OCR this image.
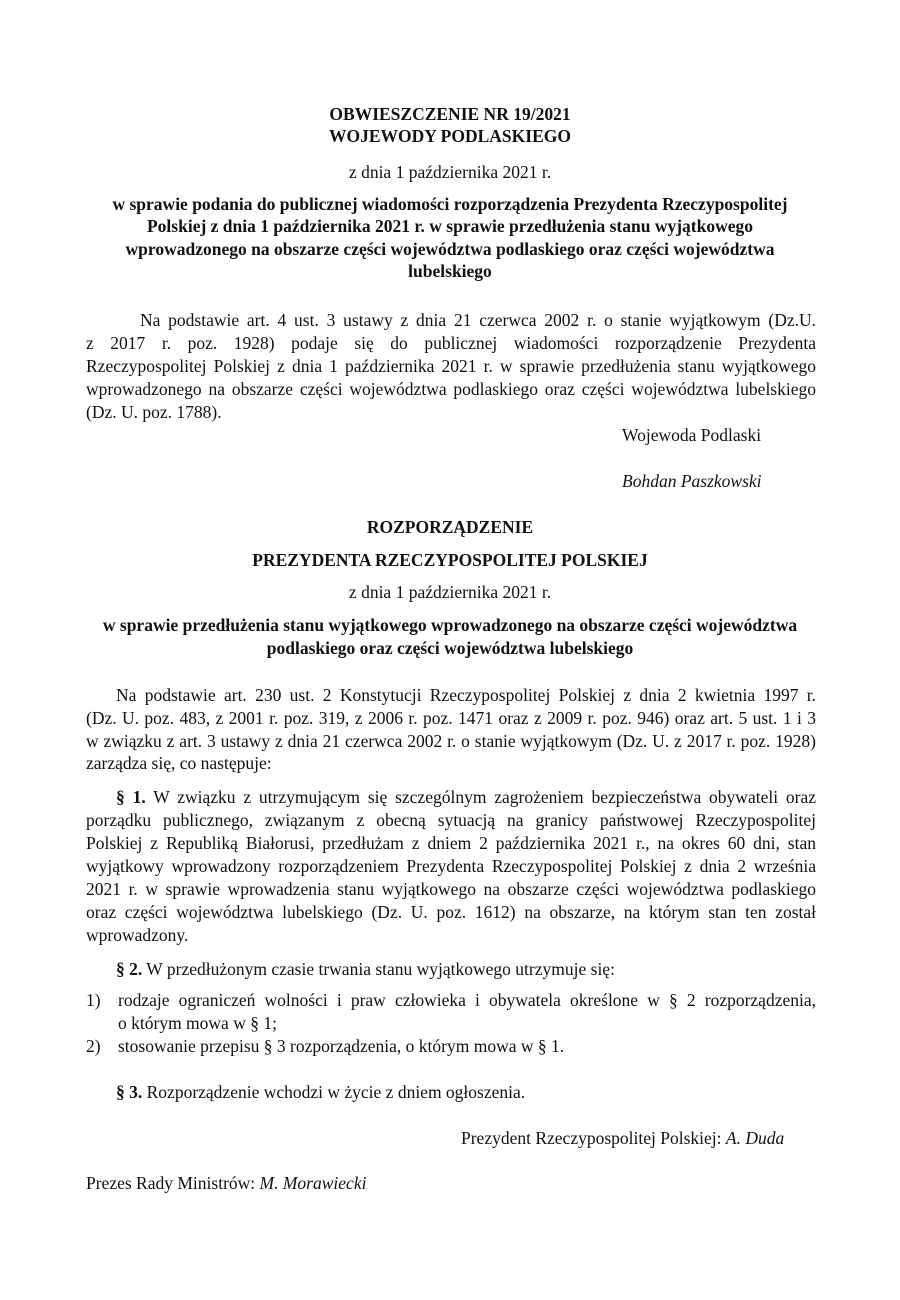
OBWIESZCZENIE NR 19/2021

WOJEWODY PODLASKIEGO

z dnia 1 października 2021 r.

w sprawie podania do publicznej wiadomości rozporządzenia Prezydenta Rzeczypospolitej

Polskiej z dnia 1 października 2021 r. w sprawie przedłużenia stanu wyjątkowego

wprowadzonego na obszarze części województwa podlaskiego oraz części województwa

lubelskiego

Na podstawie art. 4 ust. 3 ustawy z dnia 21 czerwca 2002 r. o stanie wyjątkowym (Dz.U.

z 2017 r. poz. 1928) podaje się do publicznej wiadomości rozporządzenie Prezydenta

Rzeczypospolitej Polskiej z dnia 1 października 2021 r. w sprawie przedłużenia stanu wyjątkowego

wprowadzonego na obszarze części województwa podlaskiego oraz części województwa lubelskiego

(Dz. U. poz. 1788).

Wojewoda Podlaski

Bohdan Paszkowski

ROZPORZĄDZENIE

PREZYDENTA RZECZYPOSPOLITEJ POLSKIEJ

z dnia 1 października 2021 r.

w sprawie przedłużenia stanu wyjątkowego wprowadzonego na obszarze części województwa

podlaskiego oraz części województwa lubelskiego

Na podstawie art. 230 ust. 2 Konstytucji Rzeczypospolitej Polskiej z dnia 2 kwietnia 1997 r.

(Dz. U. poz. 483, z 2001 r. poz. 319, z 2006 r. poz. 1471 oraz z 2009 r. poz. 946) oraz art. 5 ust. 1 i 3

w związku z art. 3 ustawy z dnia 21 czerwca 2002 r. o stanie wyjątkowym (Dz. U. z 2017 r. poz. 1928)

zarządza się, co następuje:

§ 1. W związku z utrzymującym się szczególnym zagrożeniem bezpieczeństwa obywateli oraz

porządku publicznego, związanym z obecną sytuacją na granicy państwowej Rzeczypospolitej

Polskiej z Republiką Białorusi, przedłużam z dniem 2 października 2021 r., na okres 60 dni, stan

wyjątkowy wprowadzony rozporządzeniem Prezydenta Rzeczypospolitej Polskiej z dnia 2 września

2021 r. w sprawie wprowadzenia stanu wyjątkowego na obszarze części województwa podlaskiego

oraz części województwa lubelskiego (Dz. U. poz. 1612) na obszarze, na którym stan ten został

wprowadzony.

§ 2. W przedłużonym czasie trwania stanu wyjątkowego utrzymuje się:

1) rodzaje ograniczeń wolności i praw człowieka i obywatela określone w § 2 rozporządzenia,

o którym mowa w § 1;

2) stosowanie przepisu § 3 rozporządzenia, o którym mowa w § 1.

§ 3. Rozporządzenie wchodzi w życie z dniem ogłoszenia.

Prezydent Rzeczypospolitej Polskiej: A. Duda

Prezes Rady Ministrów: M. Morawiecki
